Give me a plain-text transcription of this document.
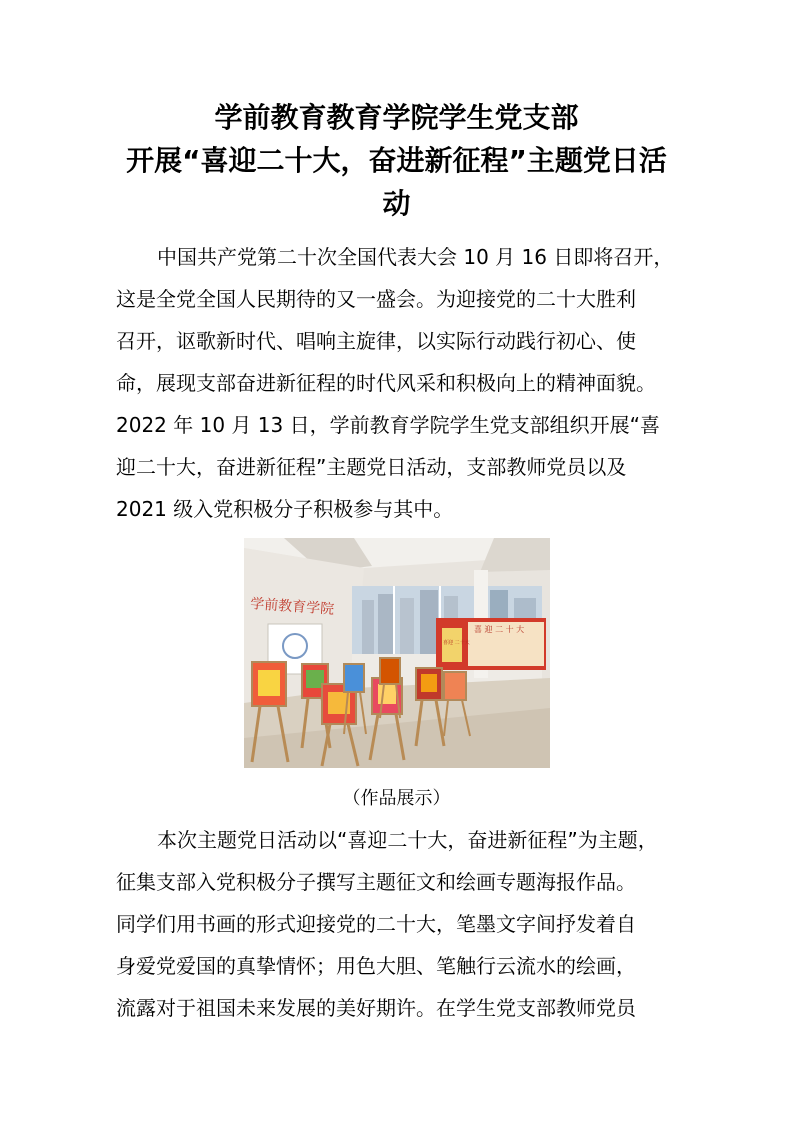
学前教育教育学院学生党支部
开展“喜迎二十大，奋进新征程”主题党日活
动
中国共产党第二十次全国代表大会 10 月 16 日即将召开，
这是全党全国人民期待的又一盛会。为迎接党的二十大胜利
召开，讴歌新时代、唱响主旋律，以实际行动践行初心、使
命，展现支部奋进新征程的时代风采和积极向上的精神面貌。
2022 年 10 月 13 日，学前教育学院学生党支部组织开展“喜
迎二十大，奋进新征程”主题党日活动，支部教师党员以及
2021 级入党积极分子积极参与其中。
学前教育学院
喜 迎 二 十 大
喜迎 二十大
（作品展示）
本次主题党日活动以“喜迎二十大，奋进新征程”为主题，
征集支部入党积极分子撰写主题征文和绘画专题海报作品。
同学们用书画的形式迎接党的二十大，笔墨文字间抒发着自
身爱党爱国的真挚情怀；用色大胆、笔触行云流水的绘画，
流露对于祖国未来发展的美好期许。在学生党支部教师党员
